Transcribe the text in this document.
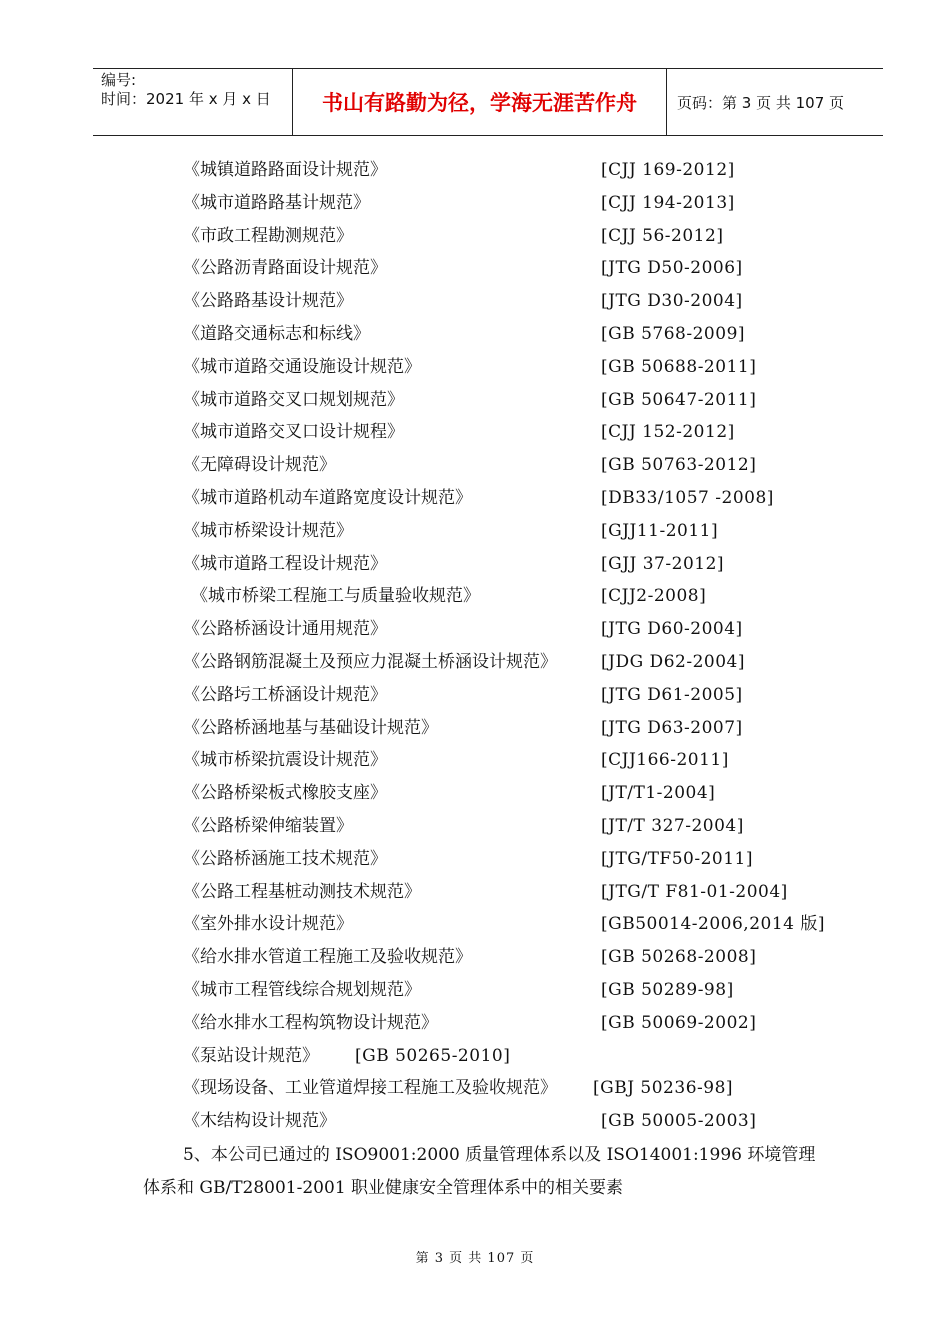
编号:
时间：2021 年 x 月 x 日	书山有路勤为径，学海无涯苦作舟	页码：第 3 页 共 107 页
《城镇道路路面设计规范》	[CJJ 169-2012]
《城市道路路基计规范》	[CJJ 194-2013]
《市政工程勘测规范》	[CJJ 56-2012]
《公路沥青路面设计规范》	[JTG D50-2006]
《公路路基设计规范》	[JTG D30-2004]
《道路交通标志和标线》	[GB 5768-2009]
《城市道路交通设施设计规范》	[GB 50688-2011]
《城市道路交叉口规划规范》	[GB 50647-2011]
《城市道路交叉口设计规程》	[CJJ 152-2012]
《无障碍设计规范》	[GB 50763-2012]
《城市道路机动车道路宽度设计规范》	[DB33/1057 -2008]
《城市桥梁设计规范》	[GJJ11-2011]
《城市道路工程设计规范》	[GJJ 37-2012]
《城市桥梁工程施工与质量验收规范》	[CJJ2-2008]
《公路桥涵设计通用规范》	[JTG D60-2004]
《公路钢筋混凝土及预应力混凝土桥涵设计规范》	[JDG D62-2004]
《公路圬工桥涵设计规范》	[JTG D61-2005]
《公路桥涵地基与基础设计规范》	[JTG D63-2007]
《城市桥梁抗震设计规范》	[CJJ166-2011]
《公路桥梁板式橡胶支座》	[JT/T1-2004]
《公路桥梁伸缩装置》	[JT/T 327-2004]
《公路桥涵施工技术规范》	[JTG/TF50-2011]
《公路工程基桩动测技术规范》	[JTG/T F81-01-2004]
《室外排水设计规范》	[GB50014-2006,2014 版]
《给水排水管道工程施工及验收规范》	[GB 50268-2008]
《城市工程管线综合规划规范》	[GB 50289-98]
《给水排水工程构筑物设计规范》	[GB 50069-2002]
《泵站设计规范》 [GB 50265-2010]
《现场设备、工业管道焊接工程施工及验收规范》 [GBJ 50236-98]
《木结构设计规范》	[GB 50005-2003]
5、本公司已通过的 ISO9001:2000 质量管理体系以及 ISO14001:1996 环境管理
体系和 GB/T28001-2001 职业健康安全管理体系中的相关要素
第 3 页 共 107 页
